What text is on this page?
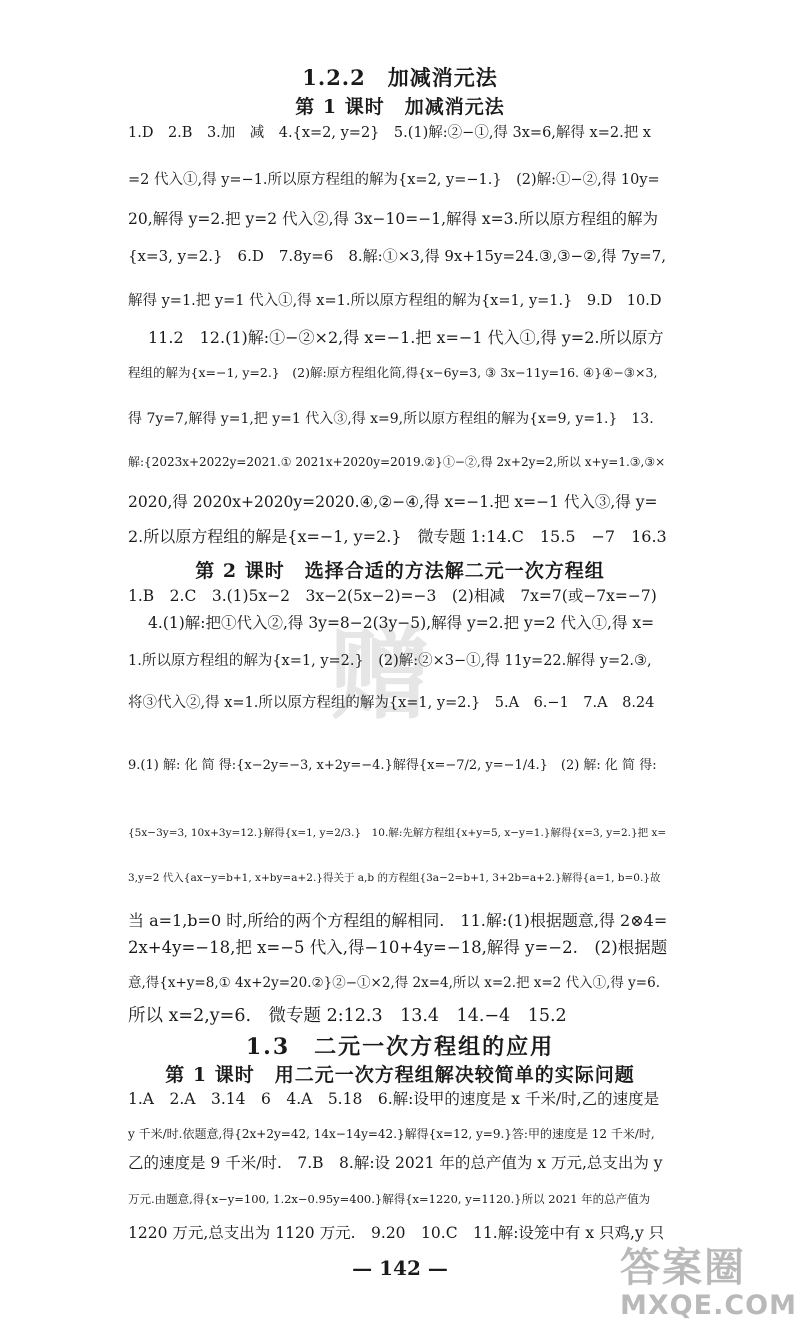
赠
1.2.2　加减消元法
第 1 课时　加减消元法
1.D　2.B　3.加　减　4.{x=2, y=2}　5.(1)解:②−①,得 3x=6,解得 x=2.把 x
=2 代入①,得 y=−1.所以原方程组的解为{x=2, y=−1.}　(2)解:①−②,得 10y=
20,解得 y=2.把 y=2 代入②,得 3x−10=−1,解得 x=3.所以原方程组的解为
{x=3, y=2.}　6.D　7.8y=6　8.解:①×3,得 9x+15y=24.③,③−②,得 7y=7,
解得 y=1.把 y=1 代入①,得 x=1.所以原方程组的解为{x=1, y=1.}　9.D　10.D
11.2　12.(1)解:①−②×2,得 x=−1.把 x=−1 代入①,得 y=2.所以原方
程组的解为{x=−1, y=2.}　(2)解:原方程组化简,得{x−6y=3, ③ 3x−11y=16. ④}④−③×3,
得 7y=7,解得 y=1,把 y=1 代入③,得 x=9,所以原方程组的解为{x=9, y=1.}　13.
解:{2023x+2022y=2021.① 2021x+2020y=2019.②}①−②,得 2x+2y=2,所以 x+y=1.③,③×
2020,得 2020x+2020y=2020.④,②−④,得 x=−1.把 x=−1 代入③,得 y=
2.所以原方程组的解是{x=−1, y=2.}　微专题 1:14.C　15.5　−7　16.3
第 2 课时　选择合适的方法解二元一次方程组
1.B　2.C　3.(1)5x−2　3x−2(5x−2)=−3　(2)相减　7x=7(或−7x=−7)
4.(1)解:把①代入②,得 3y=8−2(3y−5),解得 y=2.把 y=2 代入①,得 x=
1.所以原方程组的解为{x=1, y=2.}　(2)解:②×3−①,得 11y=22.解得 y=2.③,
将③代入②,得 x=1.所以原方程组的解为{x=1, y=2.}　5.A　6.−1　7.A　8.24
9.(1) 解: 化 简 得:{x−2y=−3, x+2y=−4.}解得{x=−7/2, y=−1/4.}　(2) 解: 化 简 得:
{5x−3y=3, 10x+3y=12.}解得{x=1, y=2/3.}　10.解:先解方程组{x+y=5, x−y=1.}解得{x=3, y=2.}把 x=
3,y=2 代入{ax−y=b+1, x+by=a+2.}得关于 a,b 的方程组{3a−2=b+1, 3+2b=a+2.}解得{a=1, b=0.}故
当 a=1,b=0 时,所给的两个方程组的解相同.　11.解:(1)根据题意,得 2⊗4=
2x+4y=−18,把 x=−5 代入,得−10+4y=−18,解得 y=−2.　(2)根据题
意,得{x+y=8,① 4x+2y=20.②}②−①×2,得 2x=4,所以 x=2.把 x=2 代入①,得 y=6.
所以 x=2,y=6.　微专题 2:12.3　13.4　14.−4　15.2
1.3　二元一次方程组的应用
第 1 课时　用二元一次方程组解决较简单的实际问题
1.A　2.A　3.14　6　4.A　5.18　6.解:设甲的速度是 x 千米/时,乙的速度是
y 千米/时.依题意,得{2x+2y=42, 14x−14y=42.}解得{x=12, y=9.}答:甲的速度是 12 千米/时,
乙的速度是 9 千米/时.　7.B　8.解:设 2021 年的总产值为 x 万元,总支出为 y
万元.由题意,得{x−y=100, 1.2x−0.95y=400.}解得{x=1220, y=1120.}所以 2021 年的总产值为
1220 万元,总支出为 1120 万元.　9.20　10.C　11.解:设笼中有 x 只鸡,y 只
— 142 —	答案圈
MXQE.COM
